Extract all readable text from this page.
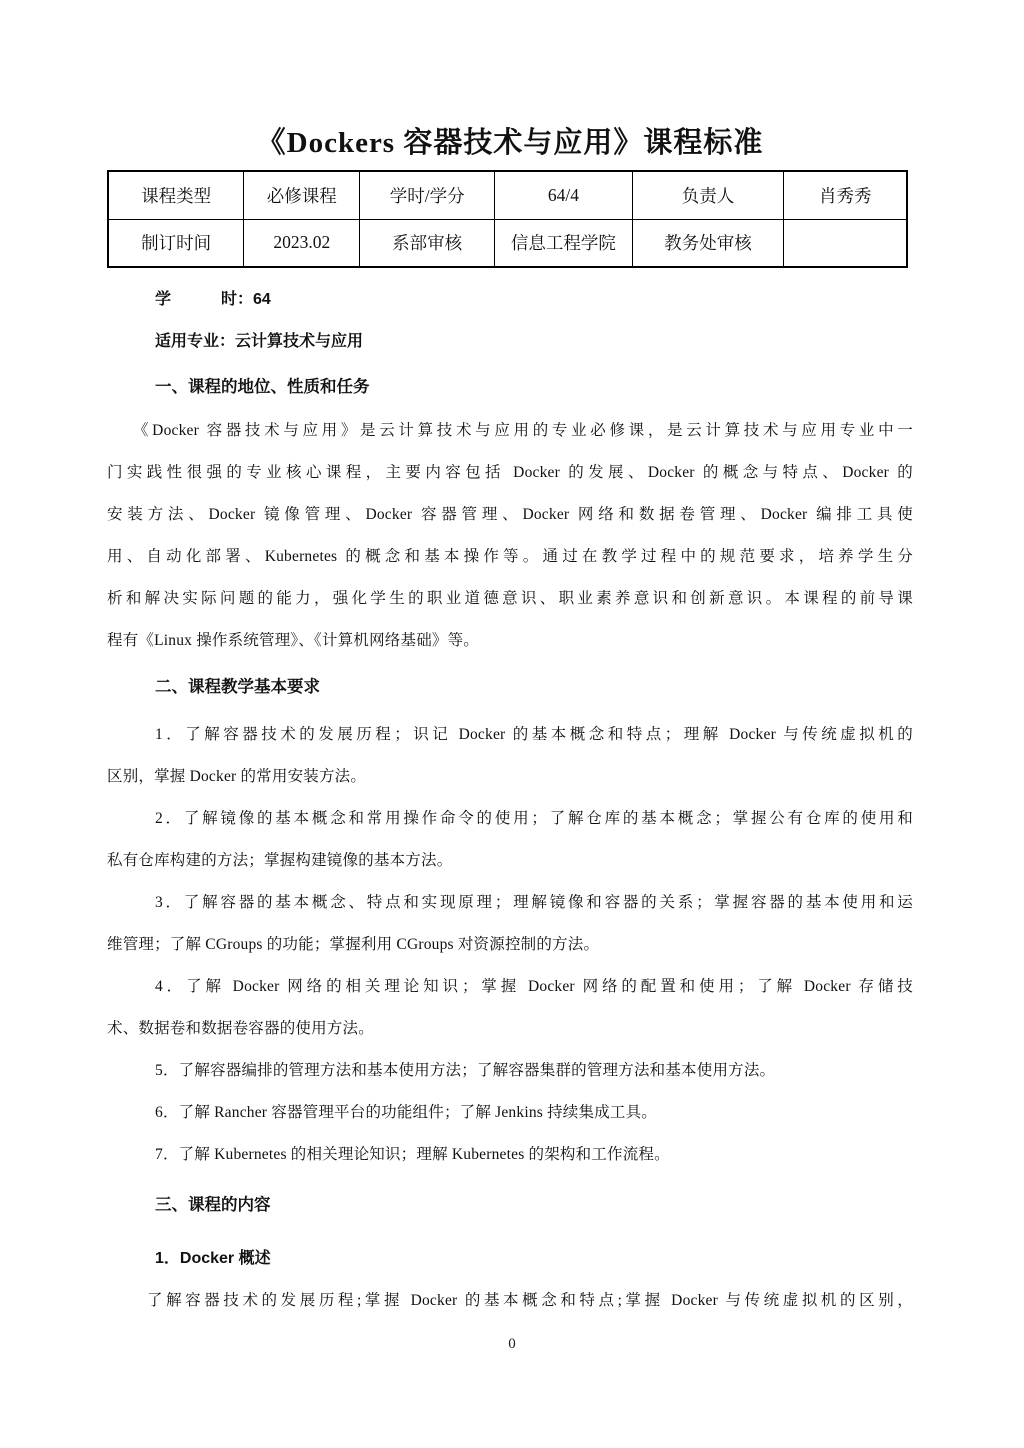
《Dockers 容器技术与应用》课程标准
课程类型	必修课程	学时/学分	64/4	负责人	肖秀秀
制订时间	2023.02	系部审核	信息工程学院	教务处审核	
学	时：64
适用专业：云计算技术与应用
一、课程的地位、性质和任务
《Docker 容器技术与应用》是云计算技术与应用的专业必修课，是云计算技术与应用专业中一
门实践性很强的专业核心课程，主要内容包括 Docker 的发展、Docker 的概念与特点、Docker 的
安装方法、Docker 镜像管理、Docker 容器管理、Docker 网络和数据卷管理、Docker 编排工具使
用、自动化部署、Kubernetes 的概念和基本操作等。通过在教学过程中的规范要求，培养学生分
析和解决实际问题的能力，强化学生的职业道德意识、职业素养意识和创新意识。本课程的前导课
程有《Linux 操作系统管理》、《计算机网络基础》等。
二、课程教学基本要求
1．了解容器技术的发展历程；识记 Docker 的基本概念和特点；理解 Docker 与传统虚拟机的
区别，掌握 Docker 的常用安装方法。
2．了解镜像的基本概念和常用操作命令的使用；了解仓库的基本概念；掌握公有仓库的使用和
私有仓库构建的方法；掌握构建镜像的基本方法。
3．了解容器的基本概念、特点和实现原理；理解镜像和容器的关系；掌握容器的基本使用和运
维管理；了解 CGroups 的功能；掌握利用 CGroups 对资源控制的方法。
4．了解 Docker 网络的相关理论知识；掌握 Docker 网络的配置和使用；了解 Docker 存储技
术、数据卷和数据卷容器的使用方法。
5．了解容器编排的管理方法和基本使用方法；了解容器集群的管理方法和基本使用方法。
6．了解 Rancher 容器管理平台的功能组件；了解 Jenkins 持续集成工具。
7．了解 Kubernetes 的相关理论知识；理解 Kubernetes 的架构和工作流程。
三、课程的内容
1．Docker 概述
了解容器技术的发展历程;掌握 Docker 的基本概念和特点;掌握 Docker 与传统虚拟机的区别，
0
